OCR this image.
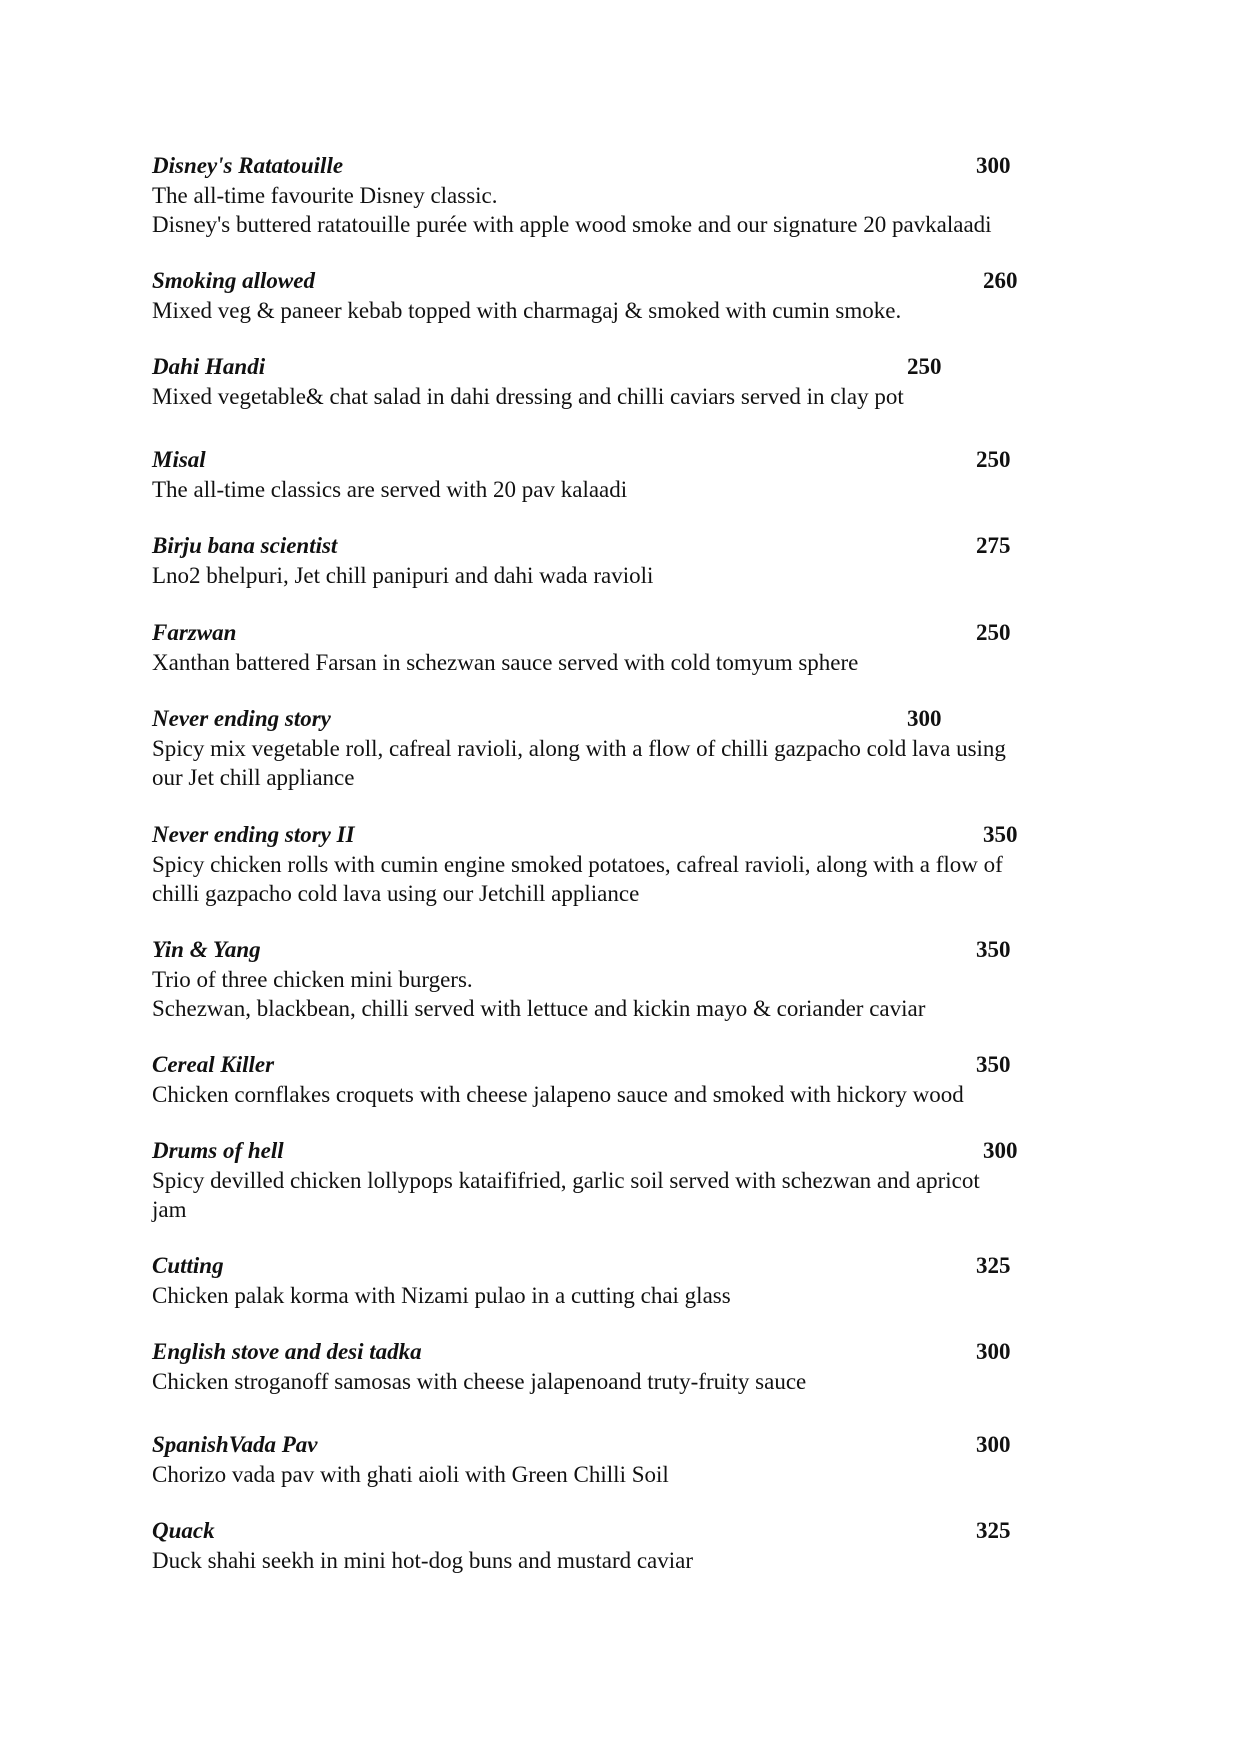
Disney's Ratatouille	300
The all-time favourite Disney classic.
Disney's buttered ratatouille purée with apple wood smoke and our signature 20 pavkalaadi
Smoking allowed	260
Mixed veg & paneer kebab topped with charmagaj & smoked with cumin smoke.
Dahi Handi	250
Mixed vegetable& chat salad in dahi dressing and chilli caviars served in clay pot
Misal	250
The all-time classics are served with 20 pav kalaadi
Birju bana scientist	275
Lno2 bhelpuri, Jet chill panipuri and dahi wada ravioli
Farzwan	250
Xanthan battered Farsan in schezwan sauce served with cold tomyum sphere
Never ending story	300
Spicy mix vegetable roll, cafreal ravioli, along with a flow of chilli gazpacho cold lava using
our Jet chill appliance
Never ending story II	350
Spicy chicken rolls with cumin engine smoked potatoes, cafreal ravioli, along with a flow of
chilli gazpacho cold lava using our Jetchill appliance
Yin & Yang	350
Trio of three chicken mini burgers.
Schezwan, blackbean, chilli served with lettuce and kickin mayo & coriander caviar
Cereal Killer	350
Chicken cornflakes croquets with cheese jalapeno sauce and smoked with hickory wood
Drums of hell	300
Spicy devilled chicken lollypops kataififried, garlic soil served with schezwan and apricot
jam
Cutting	325
Chicken palak korma with Nizami pulao in a cutting chai glass
English stove and desi tadka	300
Chicken stroganoff samosas with cheese jalapenoand truty-fruity sauce
SpanishVada Pav	300
Chorizo vada pav with ghati aioli with Green Chilli Soil
Quack	325
Duck shahi seekh in mini hot-dog buns and mustard caviar
